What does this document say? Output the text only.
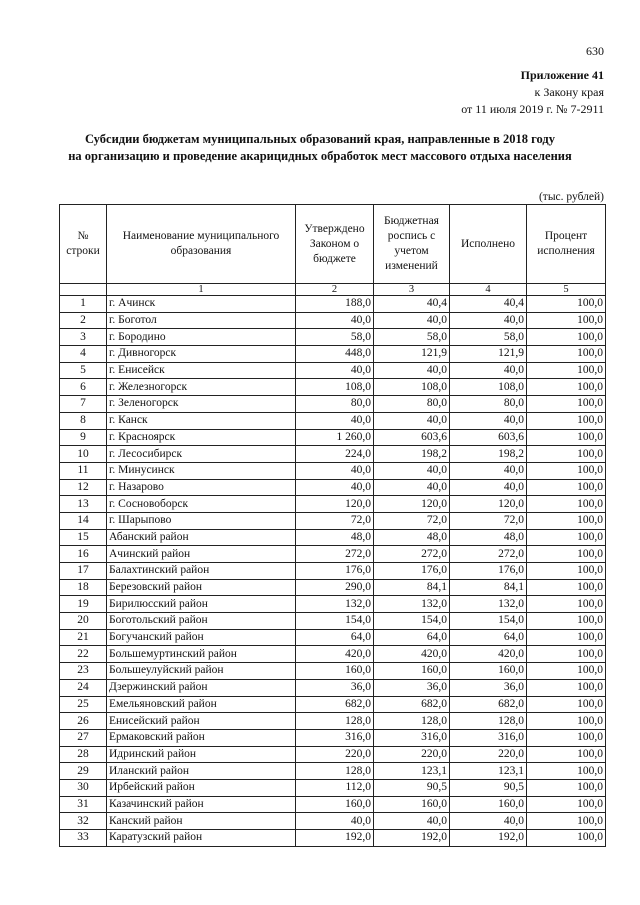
630
Приложение 41
к Закону края
от 11 июля 2019 г. № 7-2911
Субсидии бюджетам муниципальных образований края, направленные в 2018 году
на организацию и проведение акарицидных обработок мест массового отдыха населения
(тыс. рублей)
№ строки	Наименование муниципального образования	Утверждено Законом о бюджете	Бюджетная роспись с учетом изменений	Исполнено	Процент исполнения
	1	2	3	4	5
1	г. Ачинск	188,0	40,4	40,4	100,0
2	г. Боготол	40,0	40,0	40,0	100,0
3	г. Бородино	58,0	58,0	58,0	100,0
4	г. Дивногорск	448,0	121,9	121,9	100,0
5	г. Енисейск	40,0	40,0	40,0	100,0
6	г. Железногорск	108,0	108,0	108,0	100,0
7	г. Зеленогорск	80,0	80,0	80,0	100,0
8	г. Канск	40,0	40,0	40,0	100,0
9	г. Красноярск	1 260,0	603,6	603,6	100,0
10	г. Лесосибирск	224,0	198,2	198,2	100,0
11	г. Минусинск	40,0	40,0	40,0	100,0
12	г. Назарово	40,0	40,0	40,0	100,0
13	г. Сосновоборск	120,0	120,0	120,0	100,0
14	г. Шарыпово	72,0	72,0	72,0	100,0
15	Абанский район	48,0	48,0	48,0	100,0
16	Ачинский район	272,0	272,0	272,0	100,0
17	Балахтинский район	176,0	176,0	176,0	100,0
18	Березовский район	290,0	84,1	84,1	100,0
19	Бирилюсский район	132,0	132,0	132,0	100,0
20	Боготольский район	154,0	154,0	154,0	100,0
21	Богучанский район	64,0	64,0	64,0	100,0
22	Большемуртинский район	420,0	420,0	420,0	100,0
23	Большеулуйский район	160,0	160,0	160,0	100,0
24	Дзержинский район	36,0	36,0	36,0	100,0
25	Емельяновский район	682,0	682,0	682,0	100,0
26	Енисейский район	128,0	128,0	128,0	100,0
27	Ермаковский район	316,0	316,0	316,0	100,0
28	Идринский район	220,0	220,0	220,0	100,0
29	Иланский район	128,0	123,1	123,1	100,0
30	Ирбейский район	112,0	90,5	90,5	100,0
31	Казачинский район	160,0	160,0	160,0	100,0
32	Канский район	40,0	40,0	40,0	100,0
33	Каратузский район	192,0	192,0	192,0	100,0
